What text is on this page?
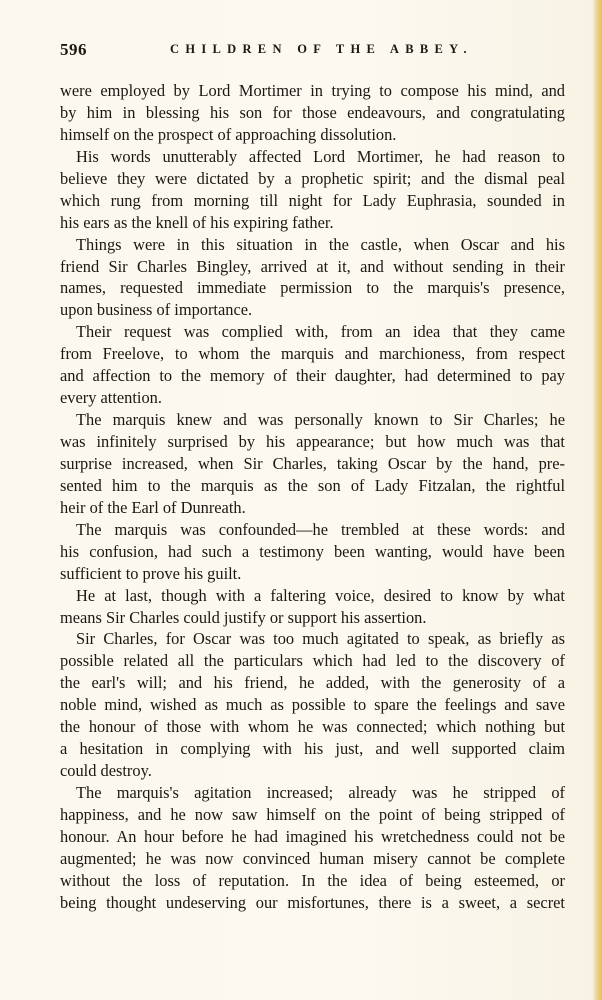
596	CHILDREN OF THE ABBEY.
were employed by Lord Mortimer in trying to compose his mind, and
by him in blessing his son for those endeavours, and congratulating
himself on the prospect of approaching dissolution.
His words unutterably affected Lord Mortimer, he had reason to
believe they were dictated by a prophetic spirit; and the dismal peal
which rung from morning till night for Lady Euphrasia, sounded in
his ears as the knell of his expiring father.
Things were in this situation in the castle, when Oscar and his
friend Sir Charles Bingley, arrived at it, and without sending in their
names, requested immediate permission to the marquis's presence,
upon business of importance.
Their request was complied with, from an idea that they came
from Freelove, to whom the marquis and marchioness, from respect
and affection to the memory of their daughter, had determined to pay
every attention.
The marquis knew and was personally known to Sir Charles; he
was infinitely surprised by his appearance; but how much was that
surprise increased, when Sir Charles, taking Oscar by the hand, pre-
sented him to the marquis as the son of Lady Fitzalan, the rightful
heir of the Earl of Dunreath.
The marquis was confounded—he trembled at these words: and
his confusion, had such a testimony been wanting, would have been
sufficient to prove his guilt.
He at last, though with a faltering voice, desired to know by what
means Sir Charles could justify or support his assertion.
Sir Charles, for Oscar was too much agitated to speak, as briefly as
possible related all the particulars which had led to the discovery of
the earl's will; and his friend, he added, with the generosity of a
noble mind, wished as much as possible to spare the feelings and save
the honour of those with whom he was connected; which nothing but
a hesitation in complying with his just, and well supported claim
could destroy.
The marquis's agitation increased; already was he stripped of
happiness, and he now saw himself on the point of being stripped of
honour. An hour before he had imagined his wretchedness could not be
augmented; he was now convinced human misery cannot be complete
without the loss of reputation. In the idea of being esteemed, or
being thought undeserving our misfortunes, there is a sweet, a secret
